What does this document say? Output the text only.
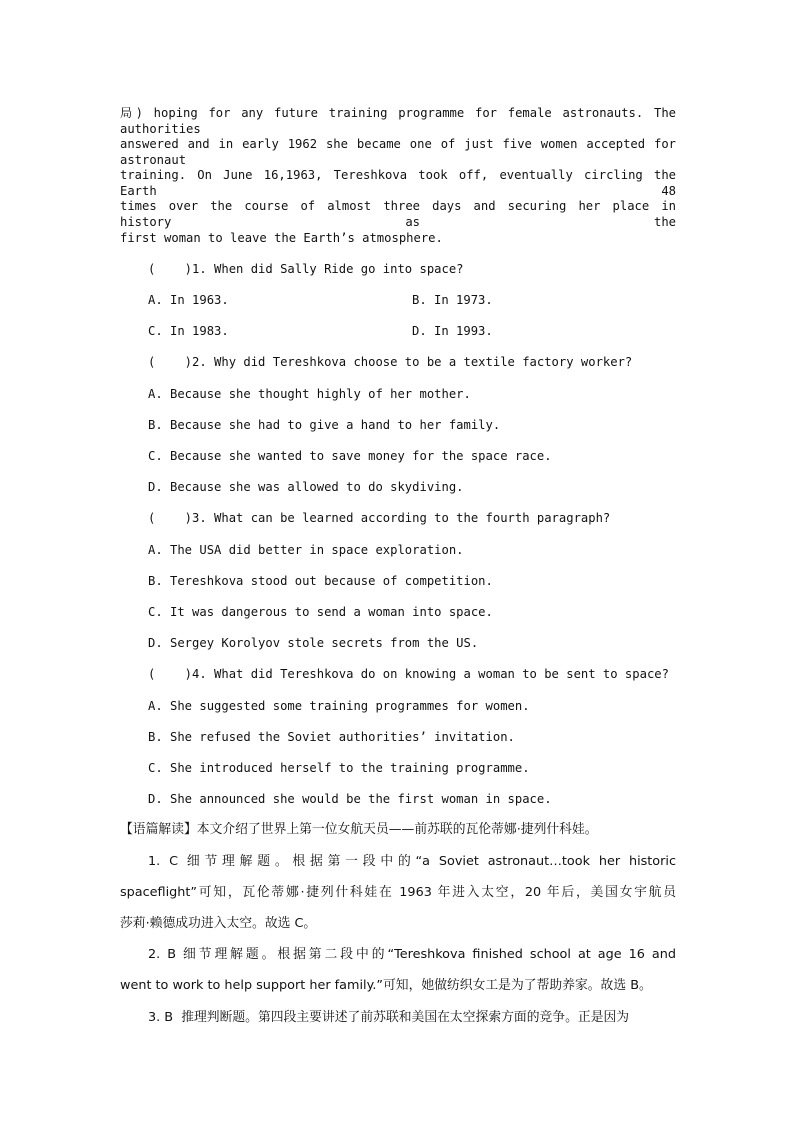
局) hoping for any future training programme for female astronauts. The authorities
answered and in early 1962 she became one of just five women accepted for astronaut
training. On June 16,1963, Tereshkova took off, eventually circling the Earth 48
times over the course of almost three days and securing her place in history as the
first woman to leave the Earth’s atmosphere.
(    )1. When did Sally Ride go into space?
A. In 1963.	B. In 1973.
C. In 1983.	D. In 1993.
(    )2. Why did Tereshkova choose to be a textile factory worker?
A. Because she thought highly of her mother.
B. Because she had to give a hand to her family.
C. Because she wanted to save money for the space race.
D. Because she was allowed to do skydiving.
(    )3. What can be learned according to the fourth paragraph?
A. The USA did better in space exploration.
B. Tereshkova stood out because of competition.
C. It was dangerous to send a woman into space.
D. Sergey Korolyov stole secrets from the US.
(    )4. What did Tereshkova do on knowing a woman to be sent to space?
A. She suggested some training programmes for women.
B. She refused the Soviet authorities’ invitation.
C. She introduced herself to the training programme.
D. She announced she would be the first woman in space.
【语篇解读】本文介绍了世界上第一位女航天员——前苏联的瓦伦蒂娜·捷列什科娃。
1. C 细节理解题。根据第一段中的“a Soviet astronaut…took her historic
spaceflight”可知，瓦伦蒂娜·捷列什科娃在 1963 年进入太空，20 年后，美国女宇航员
莎莉·赖德成功进入太空。故选 C。
2. B 细节理解题。根据第二段中的“Tereshkova finished school at age 16 and
went to work to help support her family.”可知，她做纺织女工是为了帮助养家。故选 B。
3. B  推理判断题。第四段主要讲述了前苏联和美国在太空探索方面的竞争。正是因为
